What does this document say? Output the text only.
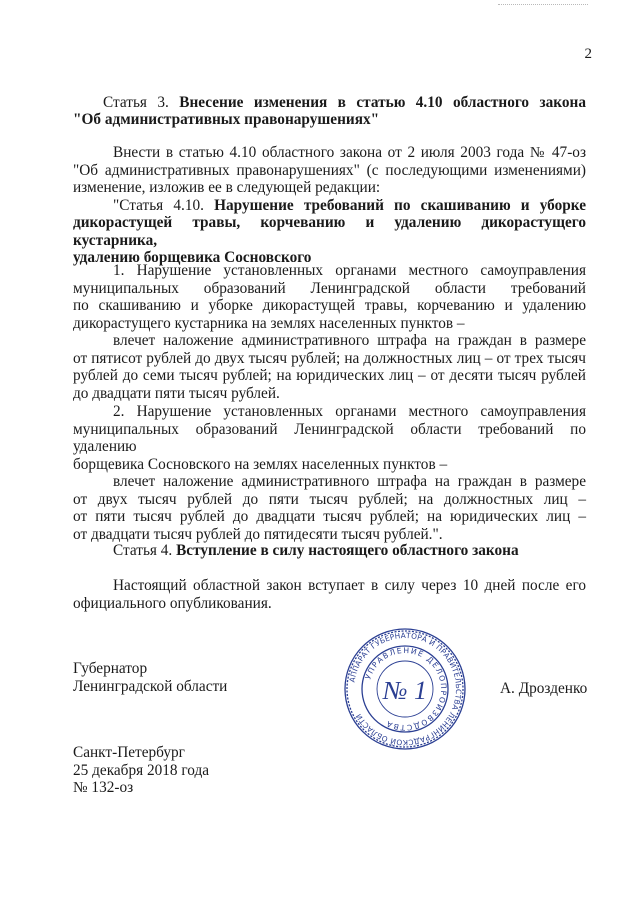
2
Статья 3. Внесение изменения в статью 4.10 областного закона
"Об административных правонарушениях"
Внести в статью 4.10 областного закона от 2 июля 2003 года № 47-оз
"Об административных правонарушениях" (с последующими изменениями)
изменение, изложив ее в следующей редакции:
"Статья 4.10. Нарушение требований по скашиванию и уборке
дикорастущей травы, корчеванию и удалению дикорастущего кустарника,
удалению борщевика Сосновского
1. Нарушение установленных органами местного самоуправления
муниципальных образований Ленинградской области требований
по скашиванию и уборке дикорастущей травы, корчеванию и удалению
дикорастущего кустарника на землях населенных пунктов –
влечет наложение административного штрафа на граждан в размере
от пятисот рублей до двух тысяч рублей; на должностных лиц – от трех тысяч
рублей до семи тысяч рублей; на юридических лиц – от десяти тысяч рублей
до двадцати пяти тысяч рублей.
2. Нарушение установленных органами местного самоуправления
муниципальных образований Ленинградской области требований по удалению
борщевика Сосновского на землях населенных пунктов –
влечет наложение административного штрафа на граждан в размере
от двух тысяч рублей до пяти тысяч рублей; на должностных лиц –
от пяти тысяч рублей до двадцати тысяч рублей; на юридических лиц –
от двадцати тысяч рублей до пятидесяти тысяч рублей.".
Статья 4. Вступление в силу настоящего областного закона
Настоящий областной закон вступает в силу через 10 дней после его
официального опубликования.
Губернатор
Ленинградской области	А. Дрозденко
АППАРАТ ГУБЕРНАТОРА И ПРАВИТЕЛЬСТВА ЛЕНИНГРАДСКОЙ ОБЛАСТИ
УПРАВЛЕНИЕ ДЕЛОПРОИЗВОДСТВА
№ 1
Санкт-Петербург
25 декабря 2018 года
№ 132-оз
